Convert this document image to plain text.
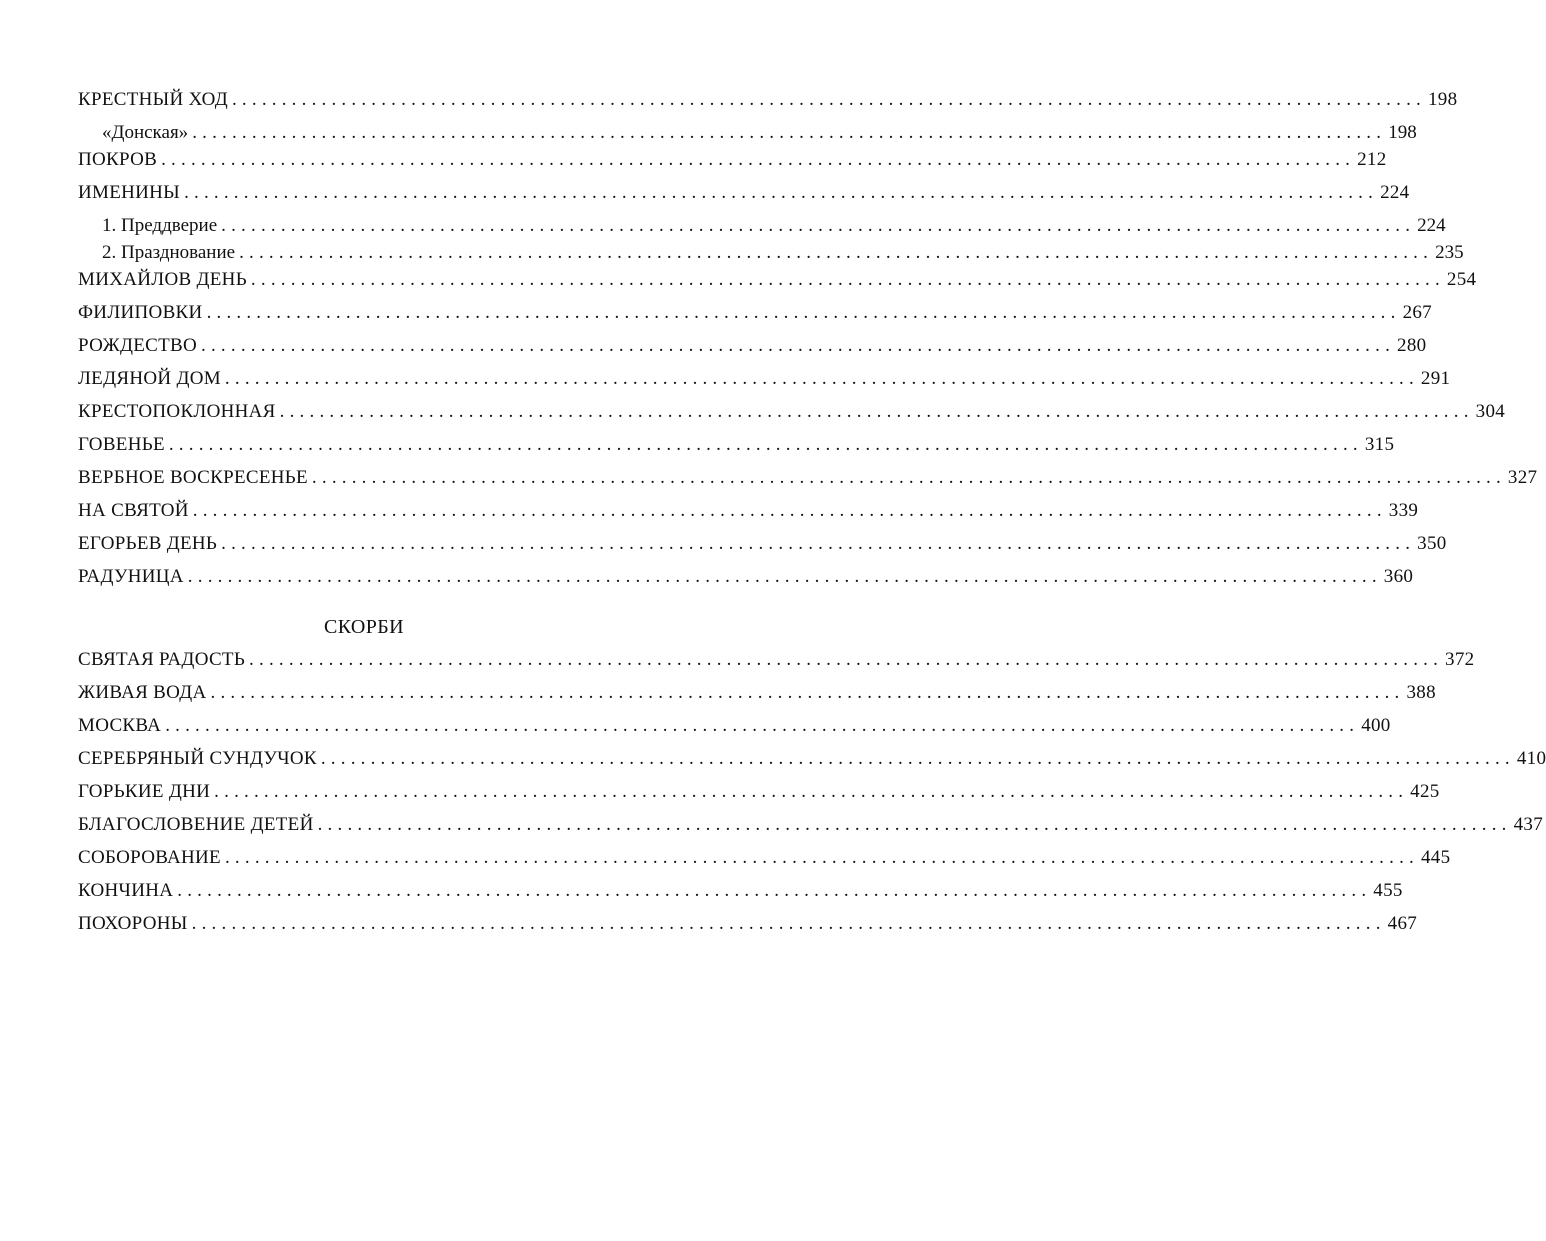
КРЕСТНЫЙ ХОД ........................................................................................................................ 198
«Донская» ........................................................................................................................ 198
ПОКРОВ ........................................................................................................................ 212
ИМЕНИНЫ ........................................................................................................................ 224
1. Преддверие ........................................................................................................................ 224
2. Празднование ........................................................................................................................ 235
МИХАЙЛОВ ДЕНЬ ........................................................................................................................ 254
ФИЛИПОВКИ ........................................................................................................................ 267
РОЖДЕСТВО ........................................................................................................................ 280
ЛЕДЯНОЙ ДОМ ........................................................................................................................ 291
КРЕСТОПОКЛОННАЯ ........................................................................................................................ 304
ГОВЕНЬЕ ........................................................................................................................ 315
ВЕРБНОЕ ВОСКРЕСЕНЬЕ ........................................................................................................................ 327
НА СВЯТОЙ ........................................................................................................................ 339
ЕГОРЬЕВ ДЕНЬ ........................................................................................................................ 350
РАДУНИЦА ........................................................................................................................ 360
СКОРБИ
СВЯТАЯ РАДОСТЬ ........................................................................................................................ 372
ЖИВАЯ ВОДА ........................................................................................................................ 388
МОСКВА ........................................................................................................................ 400
СЕРЕБРЯНЫЙ СУНДУЧОК ........................................................................................................................ 410
ГОРЬКИЕ ДНИ ........................................................................................................................ 425
БЛАГОСЛОВЕНИЕ ДЕТЕЙ ........................................................................................................................ 437
СОБОРОВАНИЕ ........................................................................................................................ 445
КОНЧИНА ........................................................................................................................ 455
ПОХОРОНЫ ........................................................................................................................ 467
